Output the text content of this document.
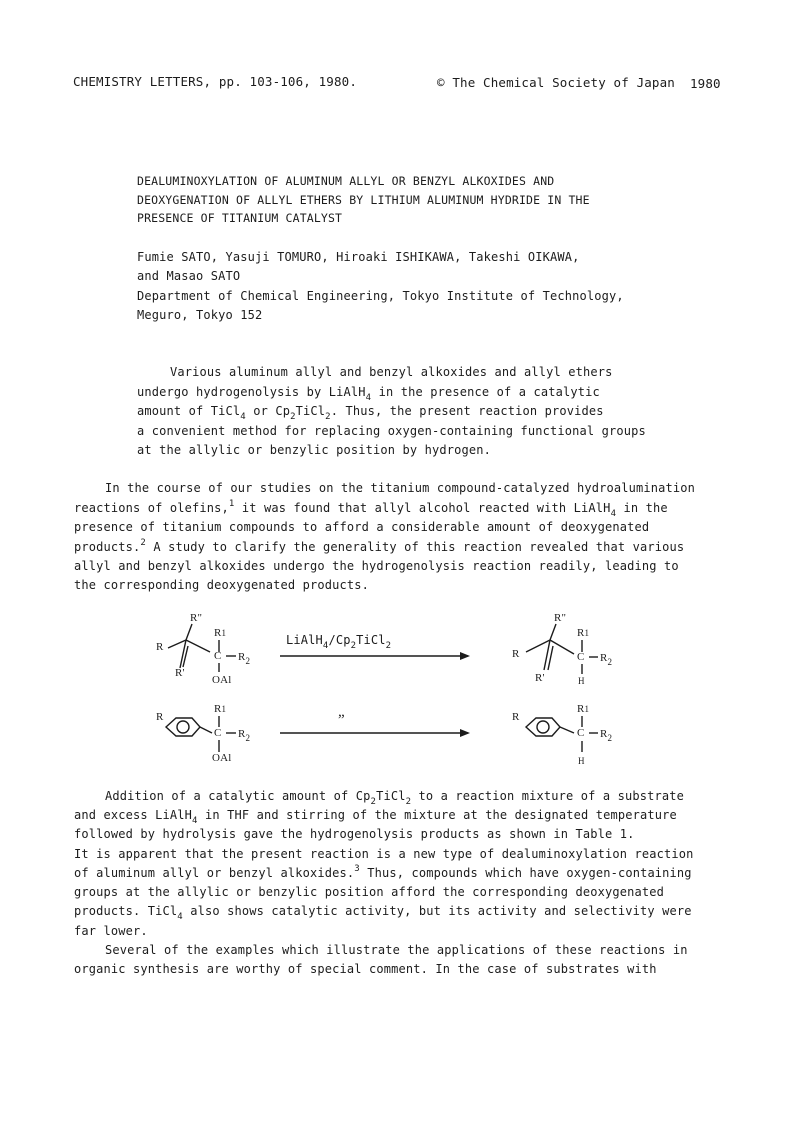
CHEMISTRY LETTERS, pp. 103-106, 1980.	© The Chemical Society of Japan 1980
DEALUMINOXYLATION OF ALUMINUM ALLYL OR BENZYL ALKOXIDES AND
DEOXYGENATION OF ALLYL ETHERS BY LITHIUM ALUMINUM HYDRIDE IN THE
PRESENCE OF TITANIUM CATALYST
Fumie SATO, Yasuji TOMURO, Hiroaki ISHIKAWA, Takeshi OIKAWA,
and Masao SATO
Department of Chemical Engineering, Tokyo Institute of Technology,
Meguro, Tokyo 152
Various aluminum allyl and benzyl alkoxides and allyl ethers
undergo hydrogenolysis by LiAlH$_4$ in the presence of a catalytic
amount of TiCl$_4$ or $Cp_2TiCl_2$. Thus, the present reaction provides
a convenient method for replacing oxygen-containing functional groups
at the allylic or benzylic position by hydrogen.
In the course of our studies on the titanium compound-catalyzed hydroalumination
reactions of olefins,$^1$ it was found that allyl alcohol reacted with LiAlH$_4$ in the
presence of titanium compounds to afford a considerable amount of deoxygenated
products.$^2$ A study to clarify the generality of this reaction revealed that various
allyl and benzyl alkoxides undergo the hydrogenolysis reaction readily, leading to
the corresponding deoxygenated products.
R"
R
R'
R1
C $R_2$
OAl
$LiAlH_4/Cp_2TiCl_2$
R"
R
R'
R1
C $R_2$
H
R
R1
C $R_2$
OAl
”	R
R1
C $R_2$
H
Addition of a catalytic amount of $Cp_2TiCl_2$ to a reaction mixture of a substrate
and excess LiAlH$_4$ in THF and stirring of the mixture at the designated temperature
followed by hydrolysis gave the hydrogenolysis products as shown in Table 1.
It is apparent that the present reaction is a new type of dealuminoxylation reaction
of aluminum allyl or benzyl alkoxides.$^3$ Thus, compounds which have oxygen-containing
groups at the allylic or benzylic position afford the corresponding deoxygenated
products. TiCl$_4$ also shows catalytic activity, but its activity and selectivity were
far lower.
Several of the examples which illustrate the applications of these reactions in
organic synthesis are worthy of special comment. In the case of substrates with
